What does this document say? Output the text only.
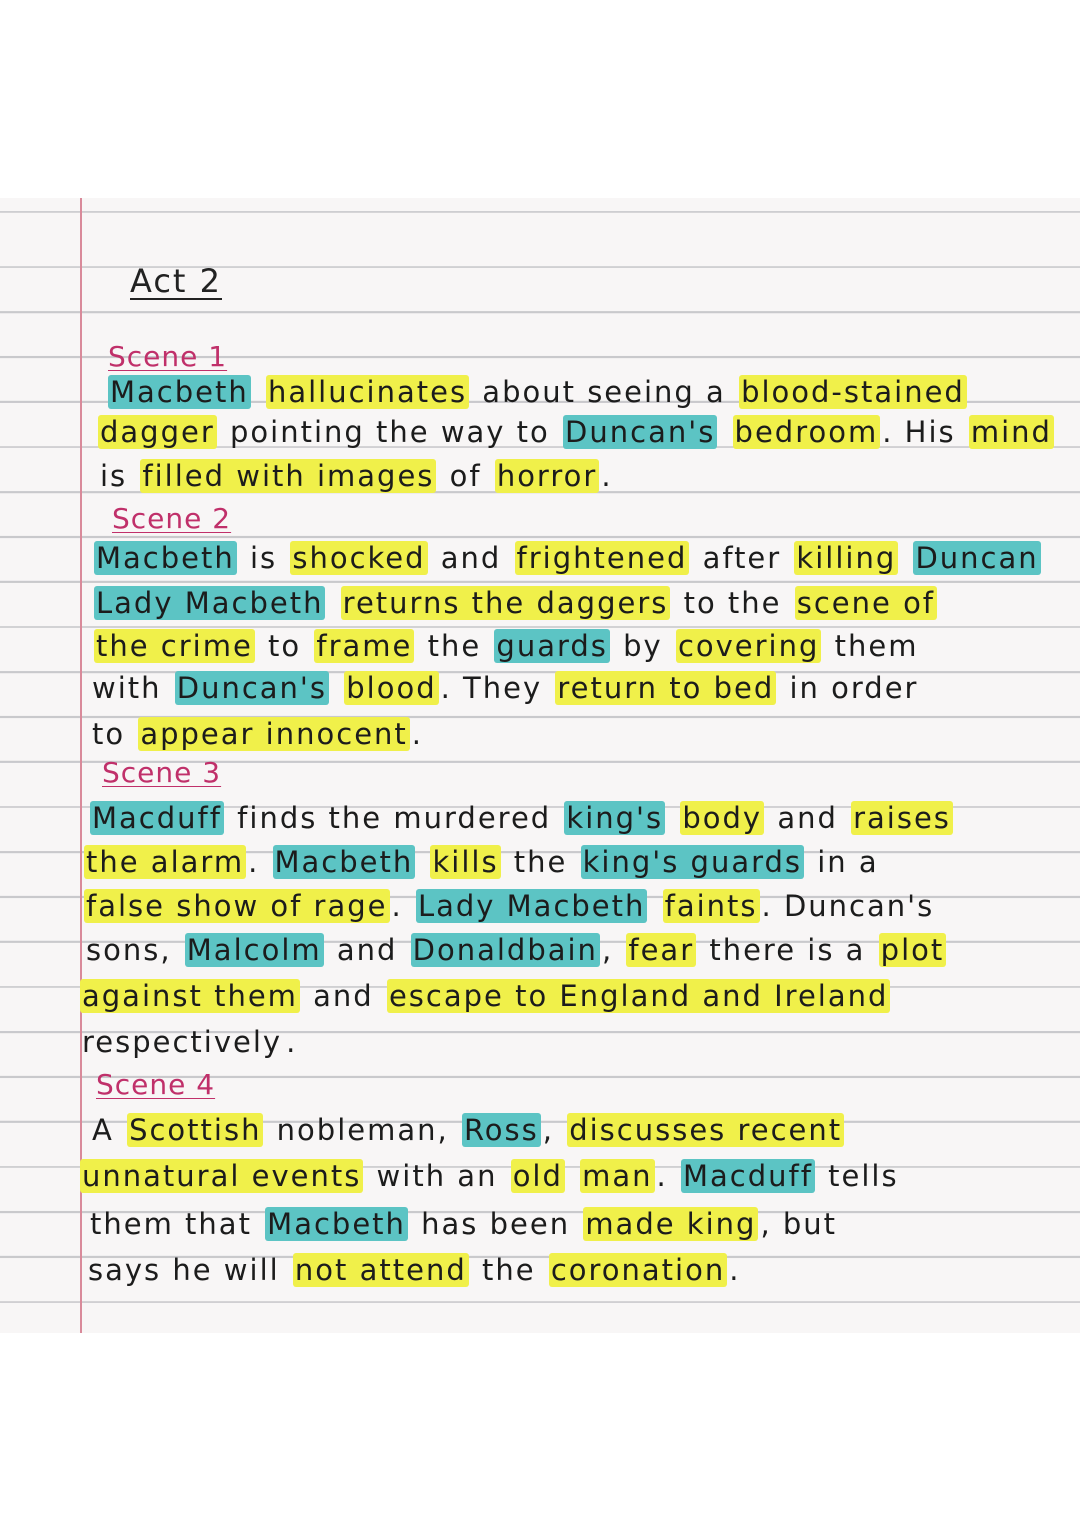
Act 2
Scene 1
Macbeth hallucinates about seeing a blood-stained
dagger pointing the way to Duncan's bedroom . His mind
is filled with images of horror .
Scene 2
Macbeth is shocked and frightened after killing Duncan
Lady Macbeth returns the daggers to the scene of
the crime to frame the guards by covering them
with Duncan's blood . They return to bed in order
to appear innocent .
Scene 3
Macduff finds the murdered king's body and raises
the alarm . Macbeth kills the king's guards in a
false show of rage . Lady Macbeth faints . Duncan's
sons, Malcolm and Donaldbain , fear there is a plot
against them and escape to England and Ireland
respectively .
Scene 4
A Scottish nobleman, Ross , discusses recent
unnatural events with an old man . Macduff tells
them that Macbeth has been made king , but
says he will not attend the coronation .
